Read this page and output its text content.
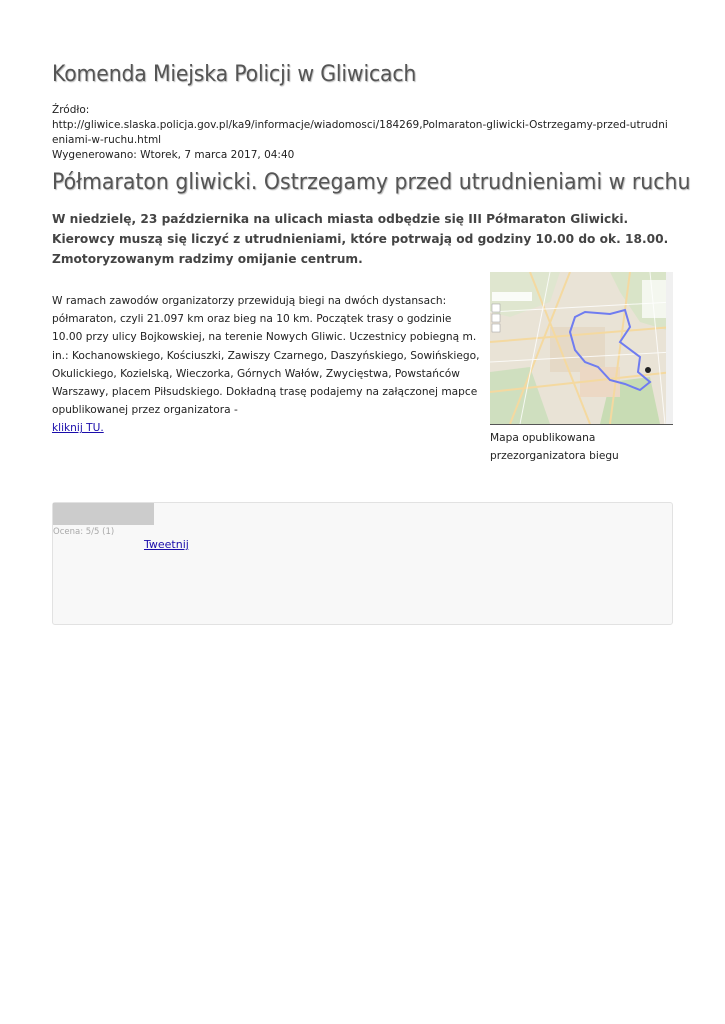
Komenda Miejska Policji w Gliwicach
Źródło:
http://gliwice.slaska.policja.gov.pl/ka9/informacje/wiadomosci/184269,Polmaraton-gliwicki-Ostrzegamy-przed-utrudnieniami-w-ruchu.html
Wygenerowano: Wtorek, 7 marca 2017, 04:40
Półmaraton gliwicki. Ostrzegamy przed utrudnieniami w ruchu

W niedzielę, 23 października na ulicach miasta odbędzie się III Półmaraton Gliwicki. Kierowcy muszą się liczyć z utrudnieniami, które potrwają od godziny 10.00 do ok. 18.00. Zmotoryzowanym radzimy omijanie centrum.

W ramach zawodów organizatorzy przewidują biegi na dwóch dystansach: półmaraton, czyli 21.097 km oraz bieg na 10 km. Początek trasy o godzinie 10.00 przy ulicy Bojkowskiej, na terenie Nowych Gliwic. Uczestnicy pobiegną m. in.: Kochanowskiego, Kościuszki, Zawiszy Czarnego, Daszyńskiego, Sowińskiego, Okulickiego, Kozielską, Wieczorka, Górnych Wałów, Zwycięstwa, Powstańców Warszawy, placem Piłsudskiego. Dokładną trasę podajemy na załączonej mapce opublikowanej przez organizatora -
kliknij TU.

Mapa opublikowana przezorganizatora biegu
Ocena: 5/5 (1)
Tweetnij
